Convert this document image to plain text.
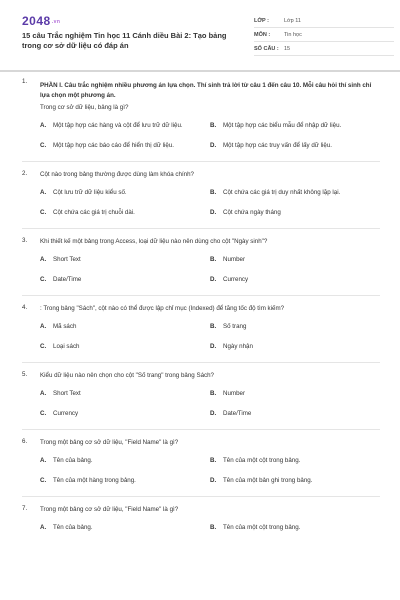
2048.vn
15 câu Trắc nghiệm Tin học 11 Cánh diều Bài 2: Tạo bảng trong cơ sở dữ liệu có đáp án
LỚP :	Lớp 11
MÔN :	Tin học
SỐ CÂU : 15
1.
PHẦN I. Câu trắc nghiệm nhiều phương án lựa chọn. Thí sinh trả lời từ câu 1 đến câu 10. Mỗi câu hỏi thí sinh chỉ lựa chọn một phương án.
Trong cơ sở dữ liệu, bảng là gì?
A.	Một tập hợp các hàng và cột để lưu trữ dữ liệu.	B.	Một tập hợp các biểu mẫu để nhập dữ liệu.
C.	Một tập hợp các báo cáo để hiển thị dữ liệu.	D.	Một tập hợp các truy vấn để lấy dữ liệu.
2.	Cột nào trong bảng thường được dùng làm khóa chính?
A.	Cột lưu trữ dữ liệu kiểu số.	B.	Cột chứa các giá trị duy nhất không lặp lại.
C.	Cột chứa các giá trị chuỗi dài.	D.	Cột chứa ngày tháng
3.	Khi thiết kế một bảng trong Access, loại dữ liệu nào nên dùng cho cột "Ngày sinh"?
A.	Short Text	B.	Number
C.	Date/Time	D.	Currency
4.	: Trong bảng "Sách", cột nào có thể được lập chỉ mục (Indexed) để tăng tốc độ tìm kiếm?
A.	Mã sách	B.	Số trang
C.	Loại sách	D.	Ngày nhận
5.	Kiểu dữ liệu nào nên chọn cho cột "Số trang" trong bảng Sách?
A.	Short Text	B.	Number
C.	Currency	D.	Date/Time
6.	Trong một bảng cơ sở dữ liệu, "Field Name" là gì?
A.	Tên của bảng.	B.	Tên của một cột trong bảng.
C.	Tên của một hàng trong bảng.	D.	Tên của một bản ghi trong bảng.
7.	Trong một bảng cơ sở dữ liệu, "Field Name" là gì?
A.	Tên của bảng.	B.	Tên của một cột trong bảng.
